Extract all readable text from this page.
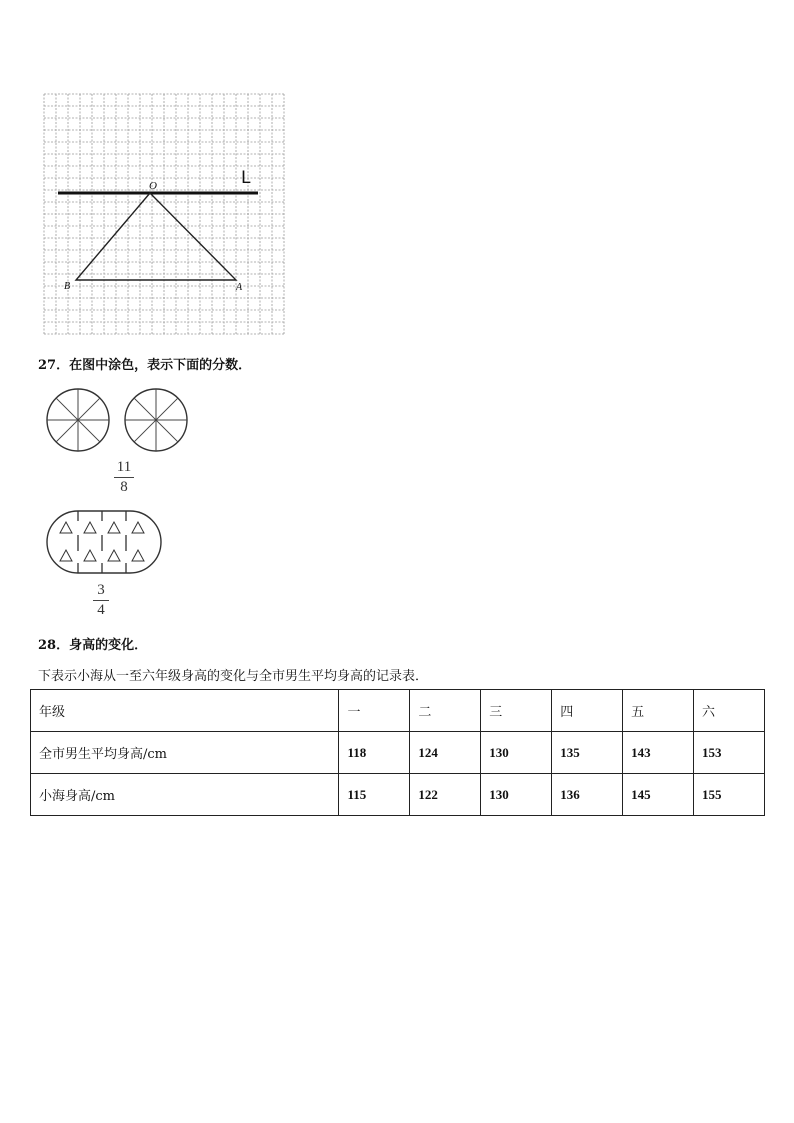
L
O
B	A
27．在图中涂色，表示下面的分数．
11
8
3
4
28．身高的变化．
下表示小海从一至六年级身高的变化与全市男生平均身高的记录表．
年级	一	二	三	四	五	六
全市男生平均身高/cm	118	124	130	135	143	153
小海身高/cm	115	122	130	136	145	155
